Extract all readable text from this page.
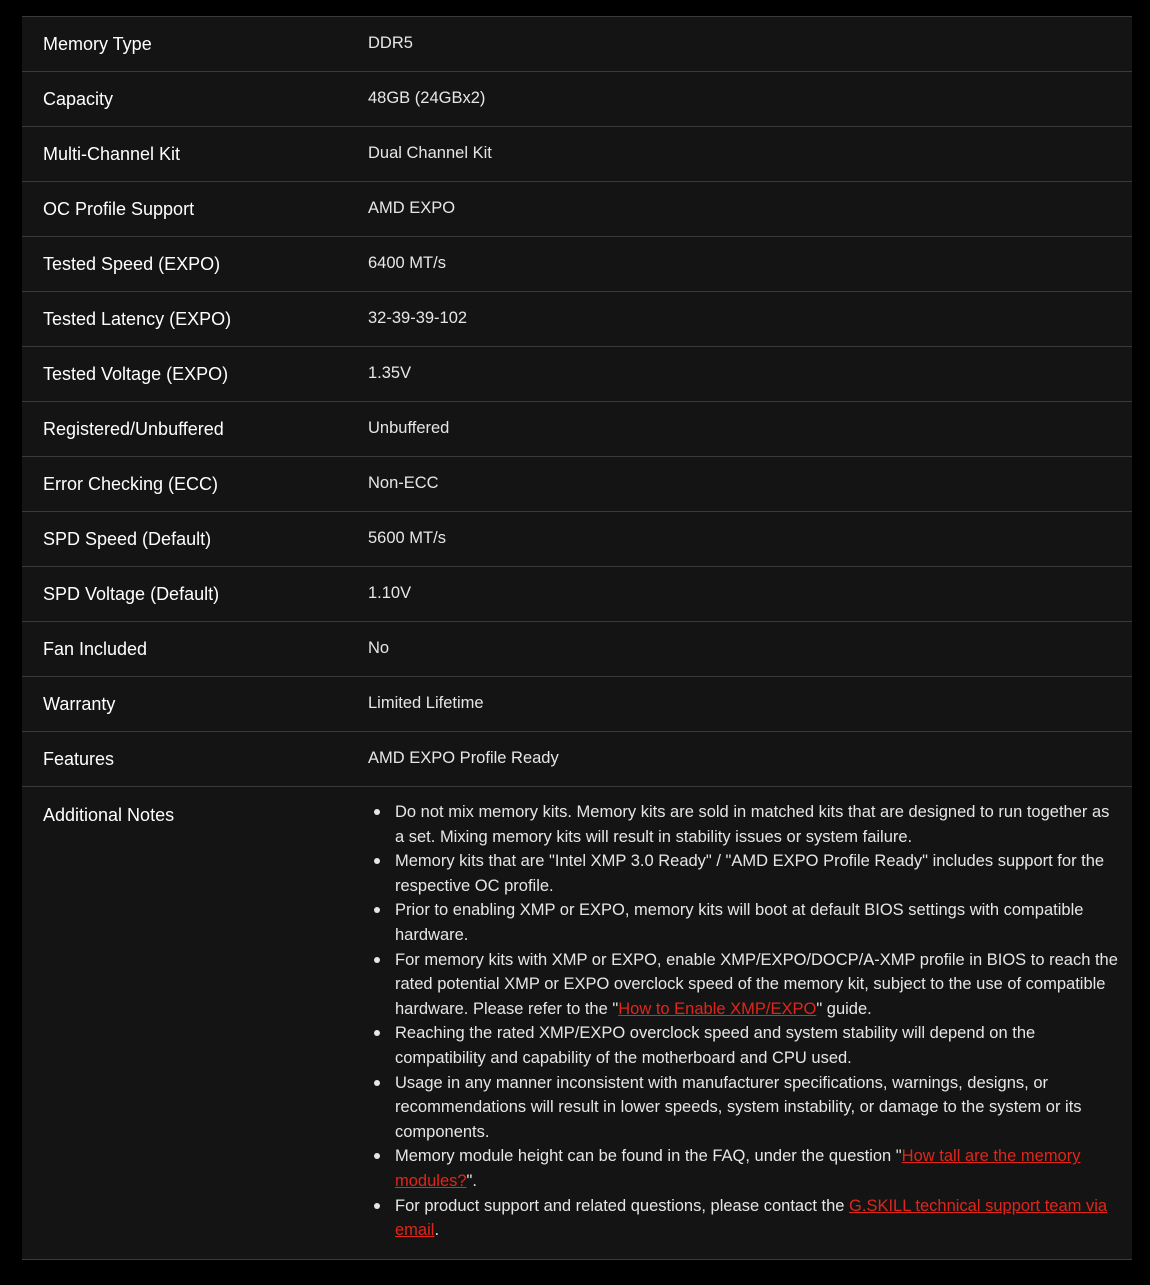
Memory Type	DDR5
Capacity	48GB (24GBx2)
Multi-Channel Kit	Dual Channel Kit
OC Profile Support	AMD EXPO
Tested Speed (EXPO)	6400 MT/s
Tested Latency (EXPO)	32-39-39-102
Tested Voltage (EXPO)	1.35V
Registered/Unbuffered	Unbuffered
Error Checking (ECC)	Non-ECC
SPD Speed (Default)	5600 MT/s
SPD Voltage (Default)	1.10V
Fan Included	No
Warranty	Limited Lifetime
Features	AMD EXPO Profile Ready
Additional Notes	Do not mix memory kits. Memory kits are sold in matched kits that are designed to run together as a set. Mixing memory kits will result in stability issues or system failure.
Memory kits that are "Intel XMP 3.0 Ready" / "AMD EXPO Profile Ready" includes support for the respective OC profile.
Prior to enabling XMP or EXPO, memory kits will boot at default BIOS settings with compatible hardware.
For memory kits with XMP or EXPO, enable XMP/EXPO/DOCP/A-XMP profile in BIOS to reach the rated potential XMP or EXPO overclock speed of the memory kit, subject to the use of compatible hardware. Please refer to the "How to Enable XMP/EXPO" guide.
Reaching the rated XMP/EXPO overclock speed and system stability will depend on the compatibility and capability of the motherboard and CPU used.
Usage in any manner inconsistent with manufacturer specifications, warnings, designs, or recommendations will result in lower speeds, system instability, or damage to the system or its components.
Memory module height can be found in the FAQ, under the question "How tall are the memory modules?".
For product support and related questions, please contact the G.SKILL technical support team via email.
